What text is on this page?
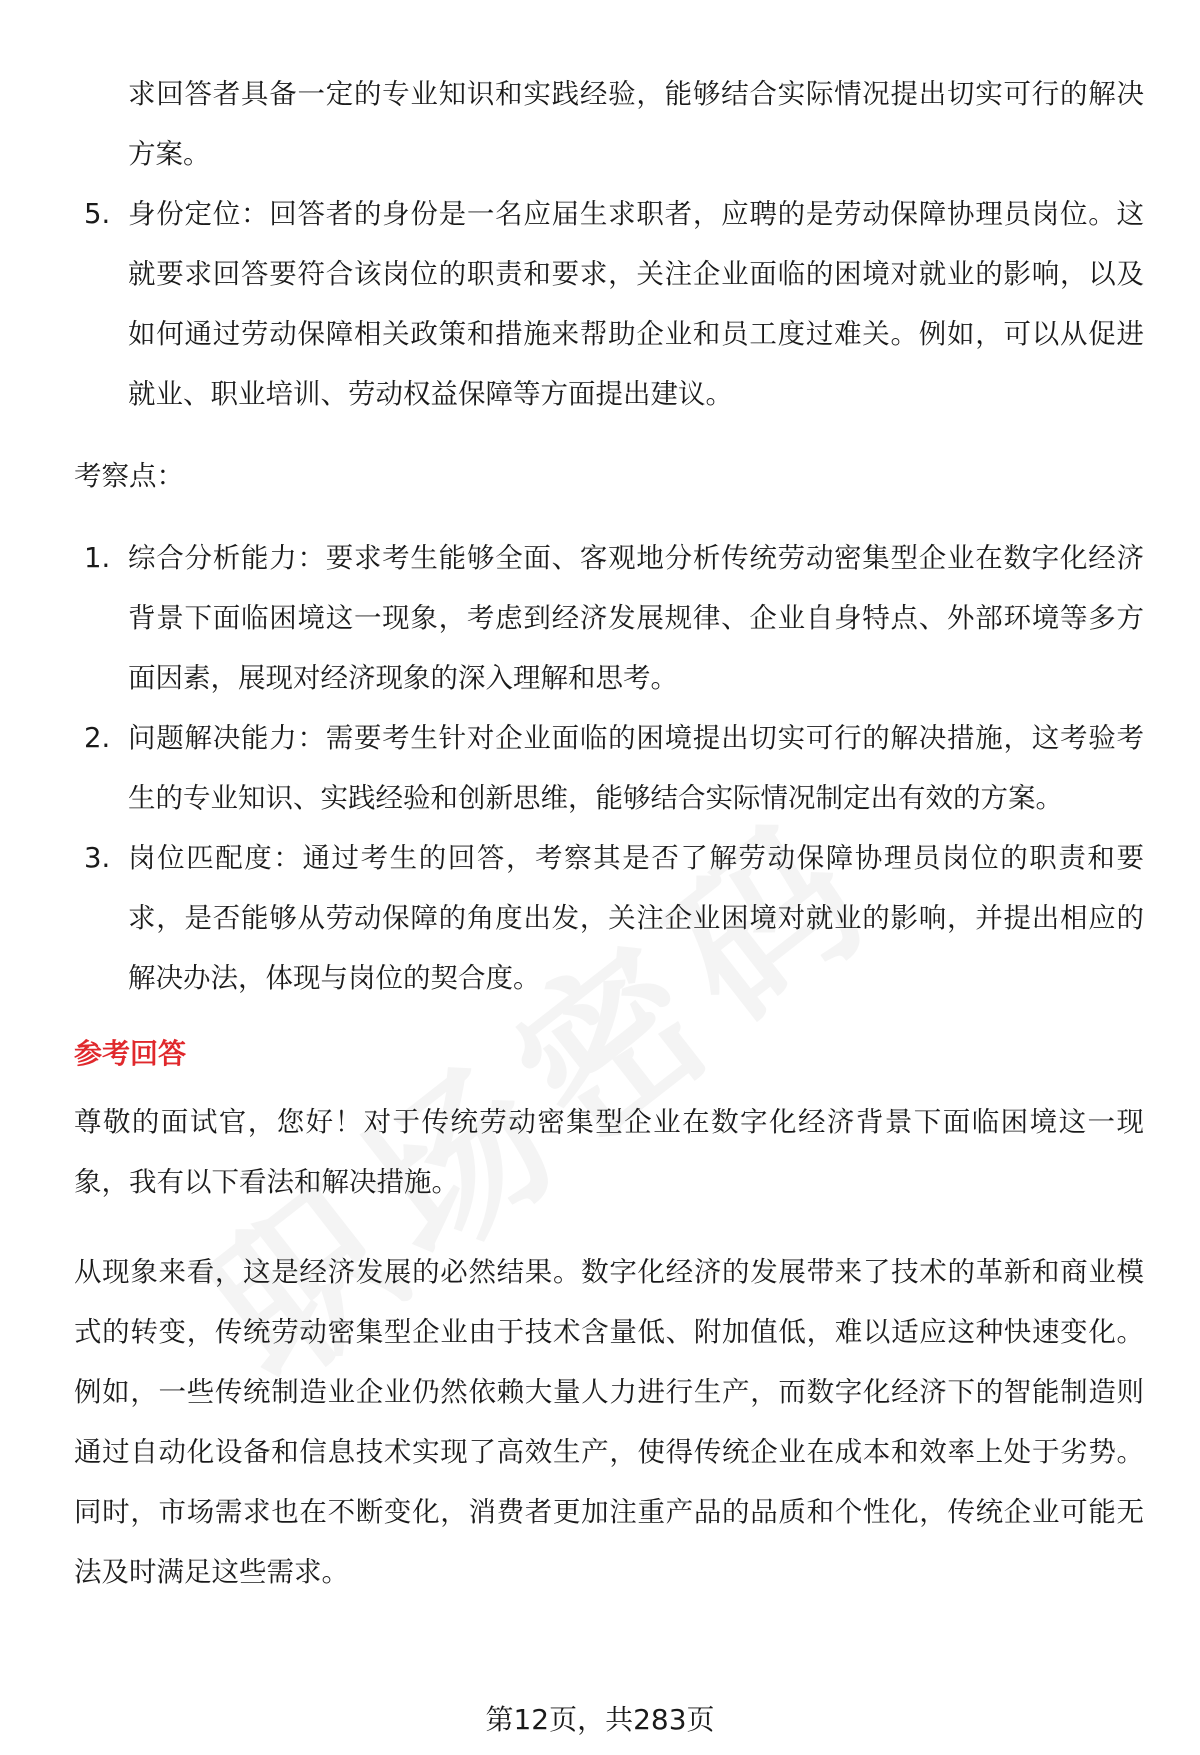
求回答者具备一定的专业知识和实践经验，能够结合实际情况提出切实可行的解决方案。
5. 身份定位：回答者的身份是一名应届生求职者，应聘的是劳动保障协理员岗位。这就要求回答要符合该岗位的职责和要求，关注企业面临的困境对就业的影响，以及如何通过劳动保障相关政策和措施来帮助企业和员工度过难关。例如，可以从促进就业、职业培训、劳动权益保障等方面提出建议。
考察点：
1. 综合分析能力：要求考生能够全面、客观地分析传统劳动密集型企业在数字化经济背景下面临困境这一现象，考虑到经济发展规律、企业自身特点、外部环境等多方面因素，展现对经济现象的深入理解和思考。
2. 问题解决能力：需要考生针对企业面临的困境提出切实可行的解决措施，这考验考生的专业知识、实践经验和创新思维，能够结合实际情况制定出有效的方案。
3. 岗位匹配度：通过考生的回答，考察其是否了解劳动保障协理员岗位的职责和要求，是否能够从劳动保障的角度出发，关注企业困境对就业的影响，并提出相应的解决办法，体现与岗位的契合度。
参考回答
尊敬的面试官，您好！对于传统劳动密集型企业在数字化经济背景下面临困境这一现象，我有以下看法和解决措施。
从现象来看，这是经济发展的必然结果。数字化经济的发展带来了技术的革新和商业模式的转变，传统劳动密集型企业由于技术含量低、附加值低，难以适应这种快速变化。例如，一些传统制造业企业仍然依赖大量人力进行生产，而数字化经济下的智能制造则通过自动化设备和信息技术实现了高效生产，使得传统企业在成本和效率上处于劣势。同时，市场需求也在不断变化，消费者更加注重产品的品质和个性化，传统企业可能无法及时满足这些需求。
第12页，共283页
